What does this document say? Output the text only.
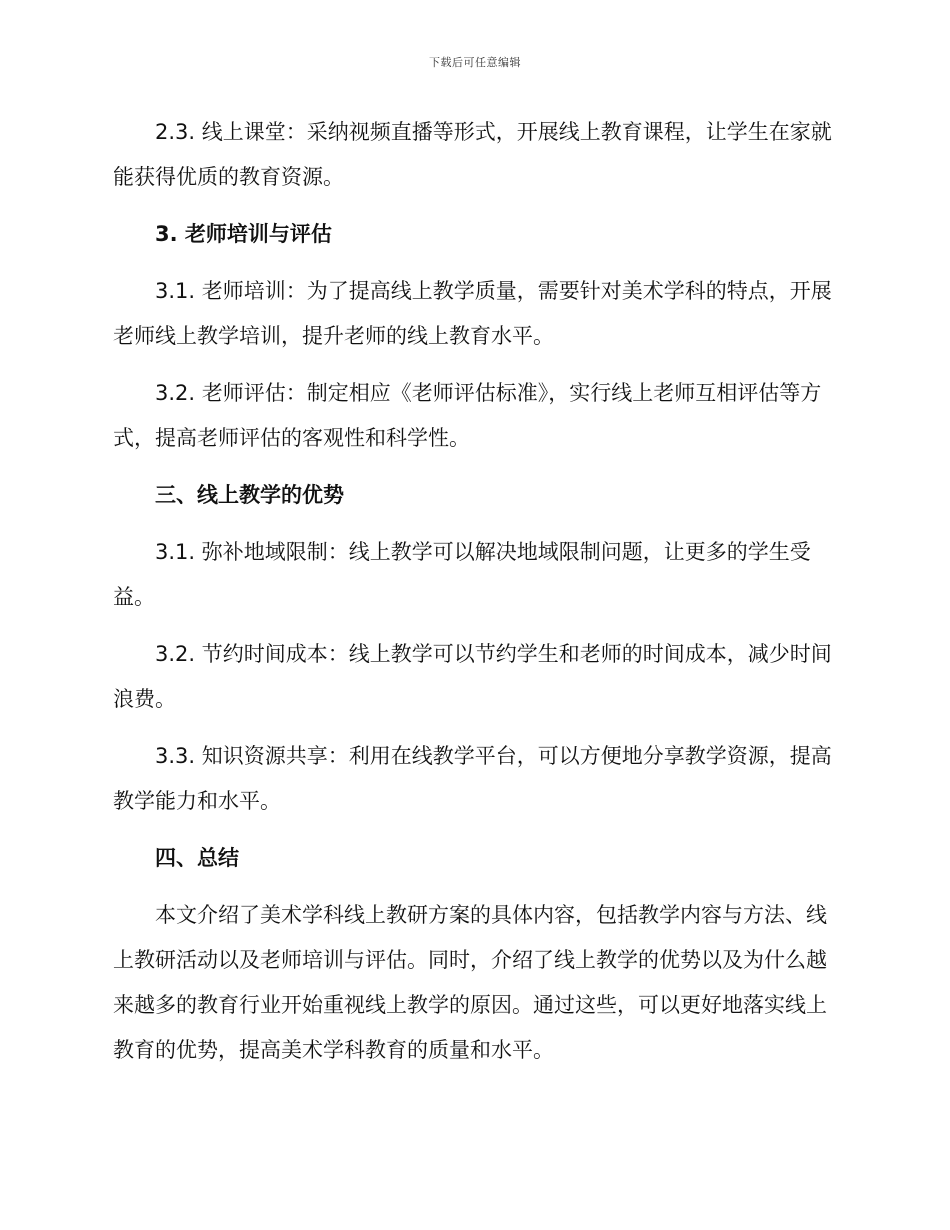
下载后可任意编辑

2.3. 线上课堂：采纳视频直播等形式，开展线上教育课程，让学生在家就能获得优质的教育资源。

3. 老师培训与评估

3.1. 老师培训：为了提高线上教学质量，需要针对美术学科的特点，开展老师线上教学培训，提升老师的线上教育水平。

3.2. 老师评估：制定相应《老师评估标准》，实行线上老师互相评估等方式，提高老师评估的客观性和科学性。

三、线上教学的优势

3.1. 弥补地域限制：线上教学可以解决地域限制问题，让更多的学生受益。

3.2. 节约时间成本：线上教学可以节约学生和老师的时间成本，减少时间浪费。

3.3. 知识资源共享：利用在线教学平台，可以方便地分享教学资源，提高教学能力和水平。

四、总结

本文介绍了美术学科线上教研方案的具体内容，包括教学内容与方法、线上教研活动以及老师培训与评估。同时，介绍了线上教学的优势以及为什么越来越多的教育行业开始重视线上教学的原因。通过这些，可以更好地落实线上教育的优势，提高美术学科教育的质量和水平。
